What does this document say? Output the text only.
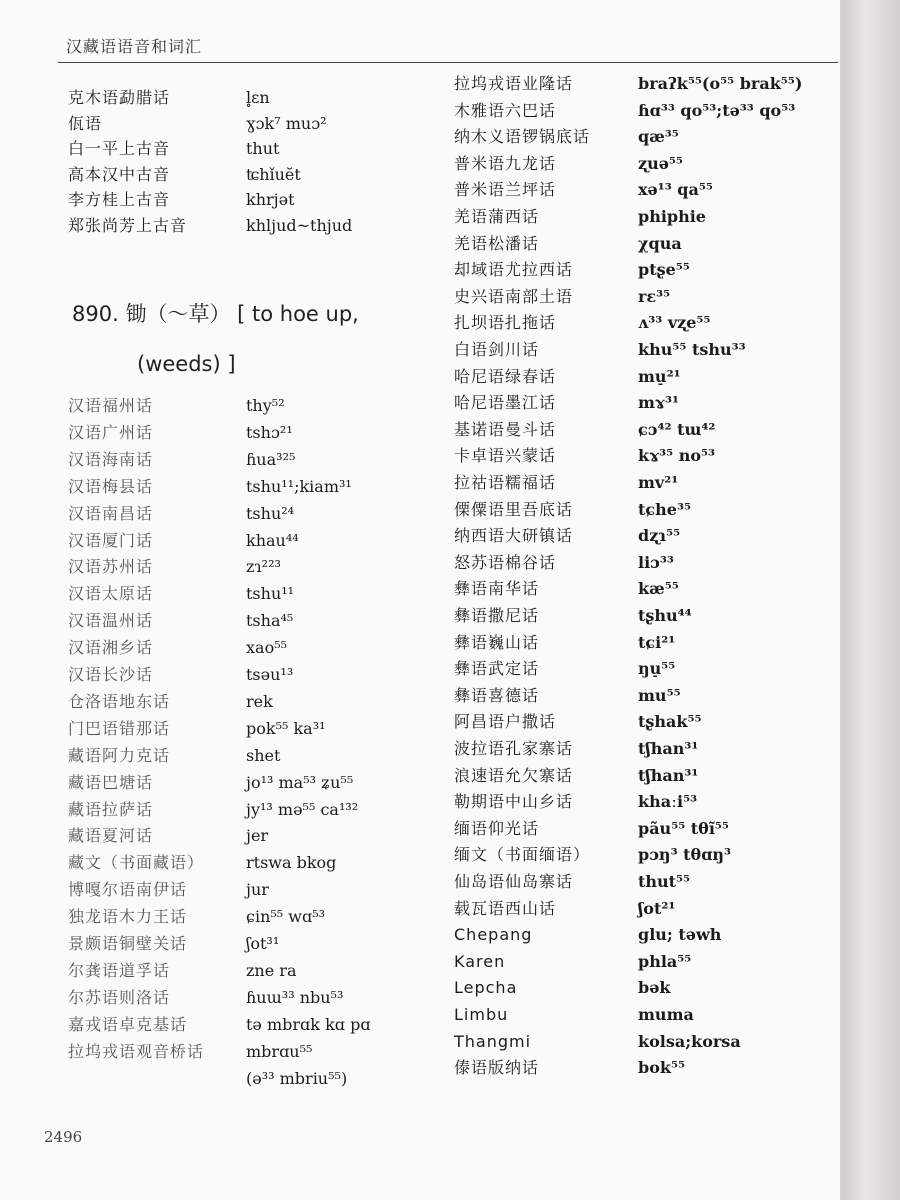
汉藏语语音和词汇
克木语勐腊话	l̥ɛn
佤语	ɣɔk⁷ muɔ²
白一平上古音	thut
高本汉中古音	ʨhǐuĕt
李方桂上古音	khrjət
郑张尚芳上古音	khljud~thjud
890. 锄（～草） [ to hoe up,
(weeds) ]
汉语福州话	thy⁵²
汉语广州话	tshɔ²¹
汉语海南话	ɦua³²⁵
汉语梅县话	tshu¹¹;kiam³¹
汉语南昌话	tshu²⁴
汉语厦门话	khau⁴⁴
汉语苏州话	zɿ²²³
汉语太原话	tshu¹¹
汉语温州话	tsha⁴⁵
汉语湘乡话	xao⁵⁵
汉语长沙话	tsəu¹³
仓洛语地东话	rek
门巴语错那话	pok⁵⁵ ka³¹
藏语阿力克话	shet
藏语巴塘话	jo¹³ ma⁵³ ʑu⁵⁵
藏语拉萨话	jy¹³ mə⁵⁵ ca¹³²
藏语夏河话	jer
藏文（书面藏语）	rtswa bkog
博嘎尔语南伊话	jur
独龙语木力王话	ɕin⁵⁵ wɑ⁵³
景颇语铜壁关话	ʃot³¹
尔龚语道孚话	zne ra
尔苏语则洛话	ɦuɯ³³ nbu⁵³
嘉戎语卓克基话	tə mbrɑk kɑ pɑ
拉坞戎语观音桥话	mbrɑu⁵⁵
(ə³³ mbriu⁵⁵)
拉坞戎语业隆话	braʔk⁵⁵(o⁵⁵ brak⁵⁵)
木雅语六巴话	ɦɑ³³ qo⁵³;tə³³ qo⁵³
纳木义语锣锅底话	qæ³⁵
普米语九龙话	ʐuə⁵⁵
普米语兰坪话	xə¹³ qa⁵⁵
羌语蒲西话	phiphie
羌语松潘话	χqua
却域语尤拉西话	ptʂe⁵⁵
史兴语南部土语	rɛ³⁵
扎坝语扎拖话	ʌ³³ vʐe⁵⁵
白语剑川话	khu⁵⁵ tshu³³
哈尼语绿春话	mu̠²¹
哈尼语墨江话	mɤ³¹
基诺语曼斗话	ɕɔ⁴² tɯ⁴²
卡卓语兴蒙话	kɤ³⁵ no⁵³
拉祜语糯福话	mv²¹
傈僳语里吾底话	tɕhe³⁵
纳西语大研镇话	dʐɿ⁵⁵
怒苏语棉谷话	liɔ³³
彝语南华话	kæ⁵⁵
彝语撒尼话	tʂhu⁴⁴
彝语巍山话	tɕi²¹
彝语武定话	ŋu̠⁵⁵
彝语喜德话	mu⁵⁵
阿昌语户撒话	tʂhak⁵⁵
波拉语孔家寨话	tʃhan³¹
浪速语允欠寨话	tʃhan³¹
勒期语中山乡话	khaːi⁵³
缅语仰光话	pãu⁵⁵ tθĩ⁵⁵
缅文（书面缅语）	pɔŋ³ tθɑŋ³
仙岛语仙岛寨话	thut⁵⁵
载瓦语西山话	ʃot²¹
Chepang	glu; təwh
Karen	phla⁵⁵
Lepcha	bək
Limbu	muma
Thangmi	kolsa;korsa
傣语版纳话	bok⁵⁵
2496
